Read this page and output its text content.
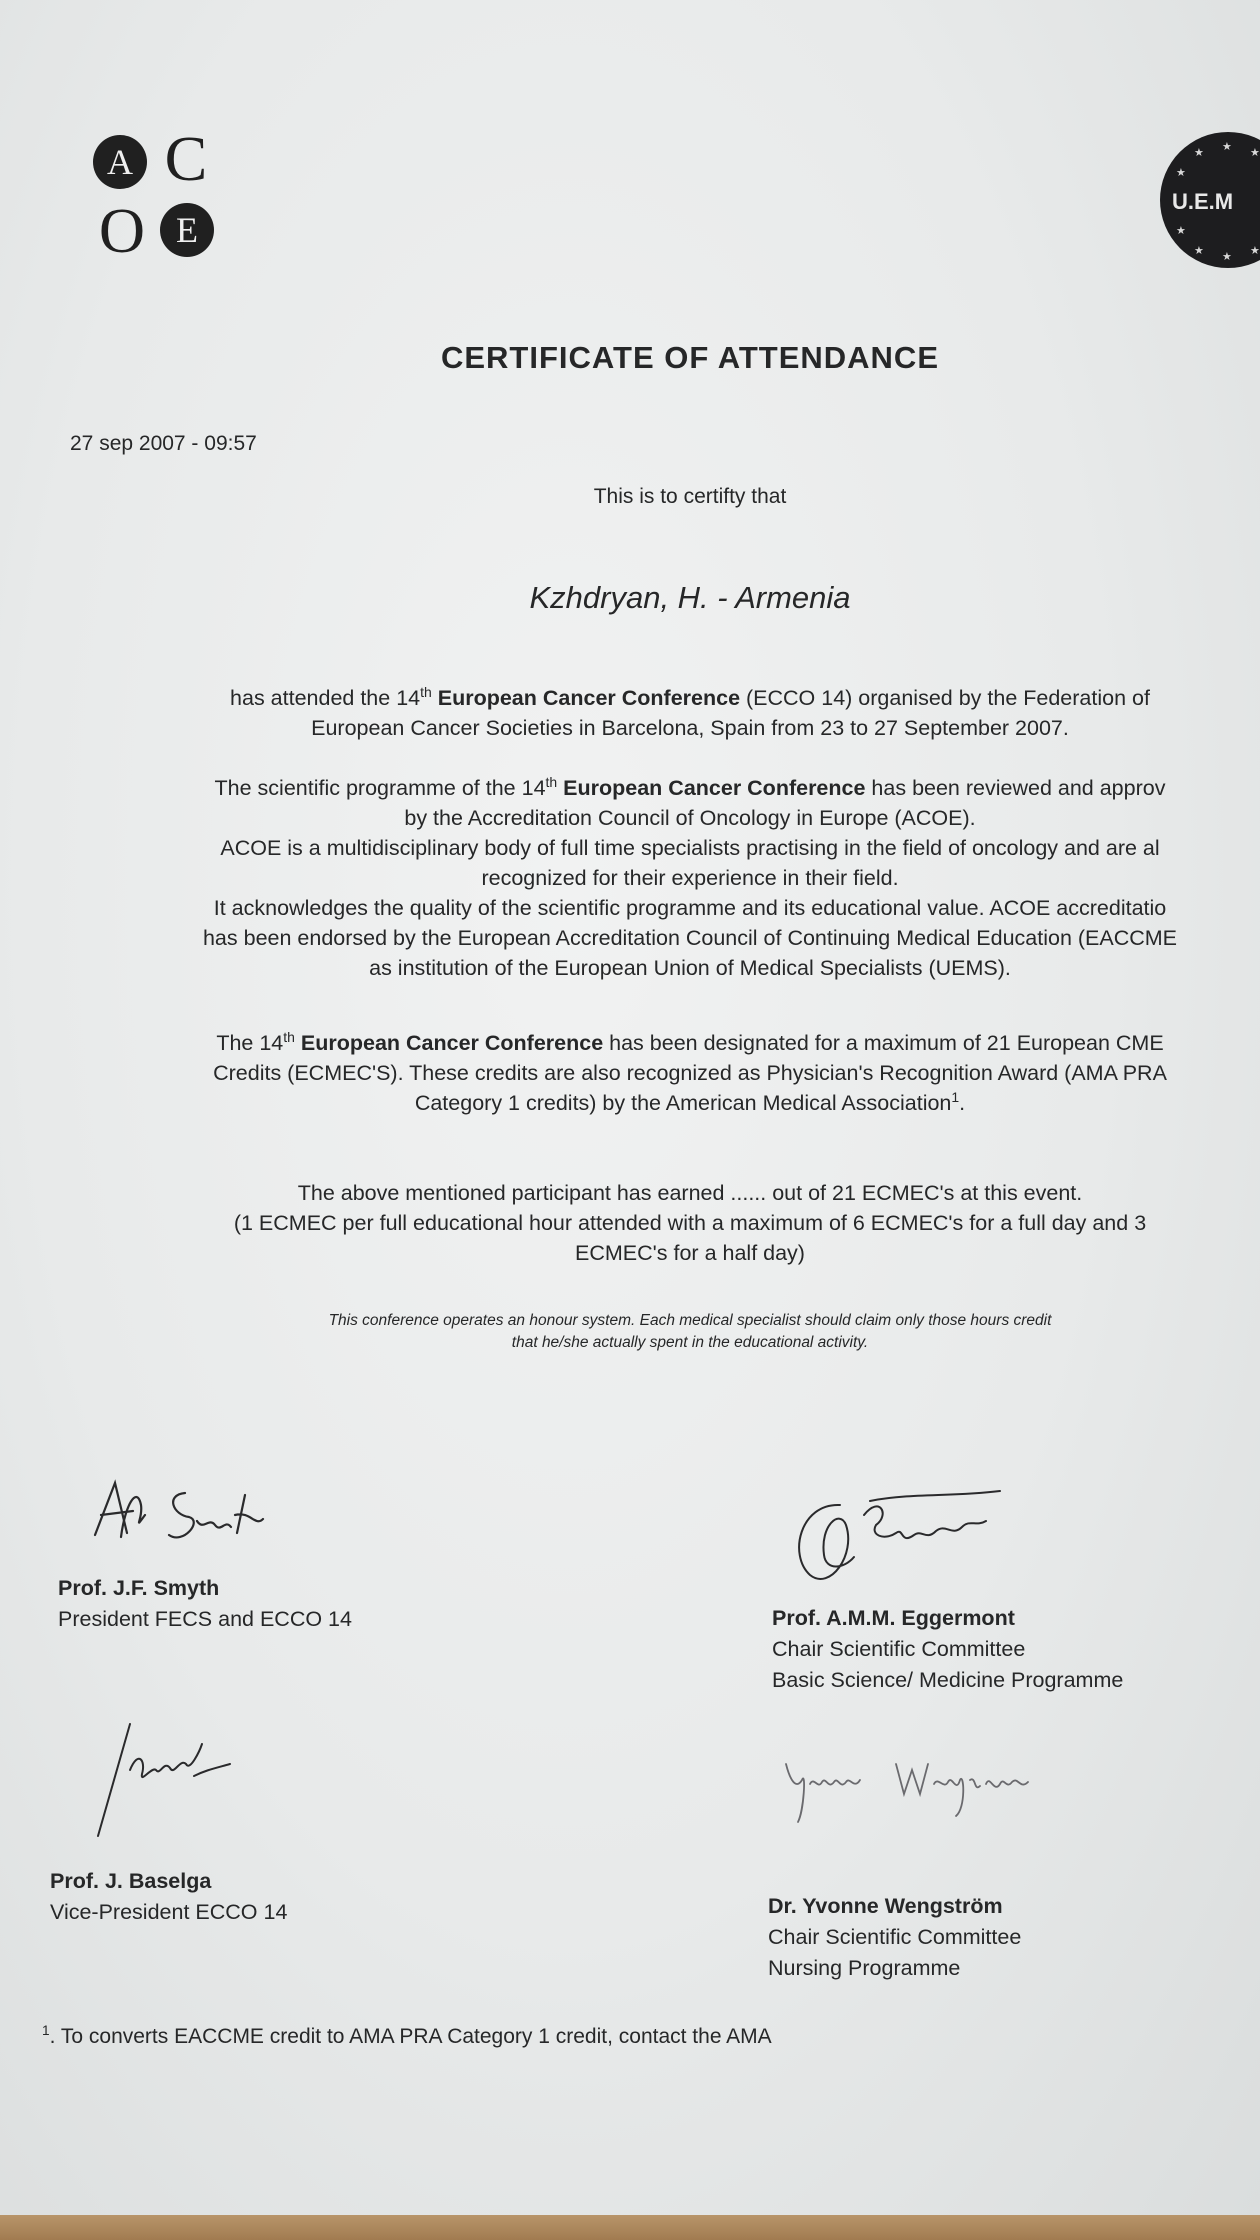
A C
O E
★ ★
★
★
★
★ ★ ★
U.E.M
CERTIFICATE OF ATTENDANCE
27 sep 2007 - 09:57
This is to certifty that
Kzhdryan, H. - Armenia
has attended the 14th European Cancer Conference (ECCO 14) organised by the Federation of
European Cancer Societies in Barcelona, Spain from 23 to 27 September 2007.
The scientific programme of the 14th European Cancer Conference has been reviewed and approv
by the Accreditation Council of Oncology in Europe (ACOE).
ACOE is a multidisciplinary body of full time specialists practising in the field of oncology and are al
recognized for their experience in their field.
It acknowledges the quality of the scientific programme and its educational value. ACOE accreditatio
has been endorsed by the European Accreditation Council of Continuing Medical Education (EACCME
as institution of the European Union of Medical Specialists (UEMS).
The 14th European Cancer Conference has been designated for a maximum of 21 European CME
Credits (ECMEC'S). These credits are also recognized as Physician's Recognition Award (AMA PRA
Category 1 credits) by the American Medical Association$^1$.
The above mentioned participant has earned ...... out of 21 ECMEC's at this event.
(1 ECMEC per full educational hour attended with a maximum of 6 ECMEC's for a full day and 3
ECMEC's for a half day)
This conference operates an honour system. Each medical specialist should claim only those hours credit
that he/she actually spent in the educational activity.
Prof. J.F. Smyth
President FECS and ECCO 14	Prof. A.M.M. Eggermont
Chair Scientific Committee
Basic Science/ Medicine Programme
Prof. J. Baselga
Vice-President ECCO 14	Dr. Yvonne Wengström
Chair Scientific Committee
Nursing Programme
$^1$. To converts EACCME credit to AMA PRA Category 1 credit, contact the AMA
